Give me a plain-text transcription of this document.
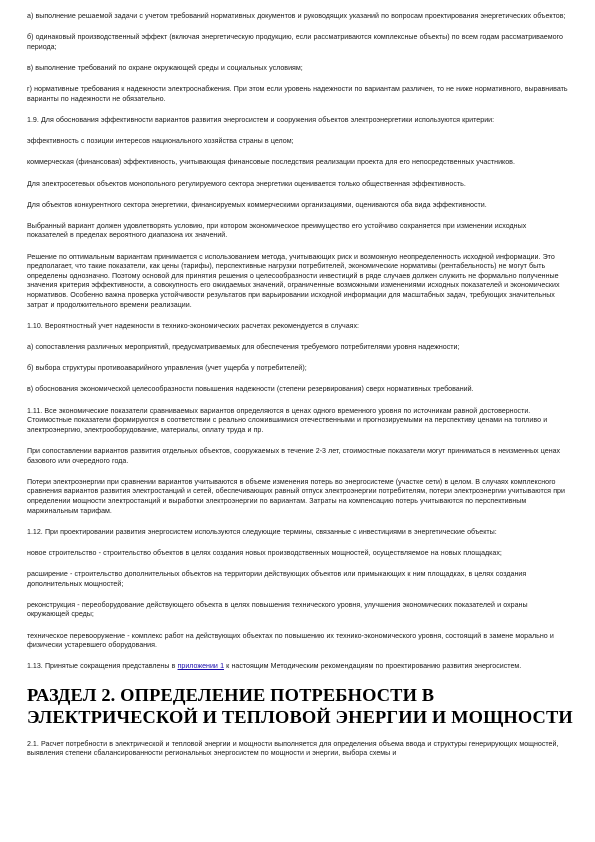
а) выполнение решаемой задачи с учетом требований нормативных документов и руководящих указаний по вопросам проектирования энергетических объектов;

б) одинаковый производственный эффект (включая энергетическую продукцию, если рассматриваются комплексные объекты) по всем годам рассматриваемого периода;

в) выполнение требований по охране окружающей среды и социальных условиям;

г) нормативные требования к надежности электроснабжения. При этом если уровень надежности по вариантам различен, то не ниже нормативного, выравнивать варианты по надежности не обязательно.

1.9. Для обоснования эффективности вариантов развития энергосистем и сооружения объектов электроэнергетики используются критерии:

эффективность с позиции интересов национального хозяйства страны в целом;

коммерческая (финансовая) эффективность, учитывающая финансовые последствия реализации проекта для его непосредственных участников.

Для электросетевых объектов монопольного регулируемого сектора энергетики оценивается только общественная эффективность.

Для объектов конкурентного сектора энергетики, финансируемых коммерческими организациями, оцениваются оба вида эффективности.

Выбранный вариант должен удовлетворять условию, при котором экономическое преимущество его устойчиво сохраняется при изменении исходных показателей в пределах вероятного диапазона их значений.

Решение по оптимальным вариантам принимается с использованием метода, учитывающих риск и возможную неопределенность исходной информации. Это предполагает, что такие показатели, как цены (тарифы), перспективные нагрузки потребителей, экономические нормативы (рентабельность) не могут быть определены однозначно. Поэтому основой для принятия решения о целесообразности инвестиций в ряде случаев должен служить не формально полученные значения критерия эффективности, а совокупность его ожидаемых значений, ограниченные возможными изменениями исходных показателей и экономических нормативов. Особенно важна проверка устойчивости результатов при варьировании исходной информации для масштабных задач, требующих значительных затрат и продолжительного времени реализации.

1.10. Вероятностный учет надежности в технико-экономических расчетах рекомендуется в случаях:

а) сопоставления различных мероприятий, предусматриваемых для обеспечения требуемого потребителями уровня надежности;

б) выбора структуры противоаварийного управления (учет ущерба у потребителей);

в) обоснования экономической целесообразности повышения надежности (степени резервирования) сверх нормативных требований.

1.11. Все экономические показатели сравниваемых вариантов определяются в ценах одного временного уровня по источникам равной достоверности. Стоимостные показатели формируются в соответствии с реально сложившимися отечественными и прогнозируемыми на перспективу ценами на топливо и электроэнергию, электрооборудование, материалы, оплату труда и пр.

При сопоставлении вариантов развития отдельных объектов, сооружаемых в течение 2-3 лет, стоимостные показатели могут приниматься в неизменных ценах базового или очередного года.

Потери электроэнергии при сравнении вариантов учитываются в объеме изменения потерь во энергосистеме (участке сети) в целом. В случаях комплексного сравнения вариантов развития электростанций и сетей, обеспечивающих равный отпуск электроэнергии потребителям, потери электроэнергии учитываются при определении мощности электростанций и выработки электроэнергии по вариантам. Затраты на компенсацию потерь учитываются по перспективным маржинальным тарифам.

1.12. При проектировании развития энергосистем используются следующие термины, связанные с инвестициями в энергетические объекты:

новое строительство - строительство объектов в целях создания новых производственных мощностей, осуществляемое на новых площадках;

расширение - строительство дополнительных объектов на территории действующих объектов или примыкающих к ним площадках, в целях создания дополнительных мощностей;

реконструкция - переоборудование действующего объекта в целях повышения технического уровня, улучшения экономических показателей и охраны окружающей среды;

техническое перевооружение - комплекс работ на действующих объектах по повышению их технико-экономического уровня, состоящий в замене морально и физически устаревшего оборудования.

1.13. Принятые сокращения представлены в приложении 1 к настоящим Методическим рекомендациям по проектированию развития энергосистем.

РАЗДЕЛ 2. ОПРЕДЕЛЕНИЕ ПОТРЕБНОСТИ В
ЭЛЕКТРИЧЕСКОЙ И ТЕПЛОВОЙ ЭНЕРГИИ И МОЩНОСТИ

2.1. Расчет потребности в электрической и тепловой энергии и мощности выполняется для определения объема ввода и структуры генерирующих мощностей, выявления степени сбалансированности региональных энергосистем по мощности и энергии, выбора схемы и
